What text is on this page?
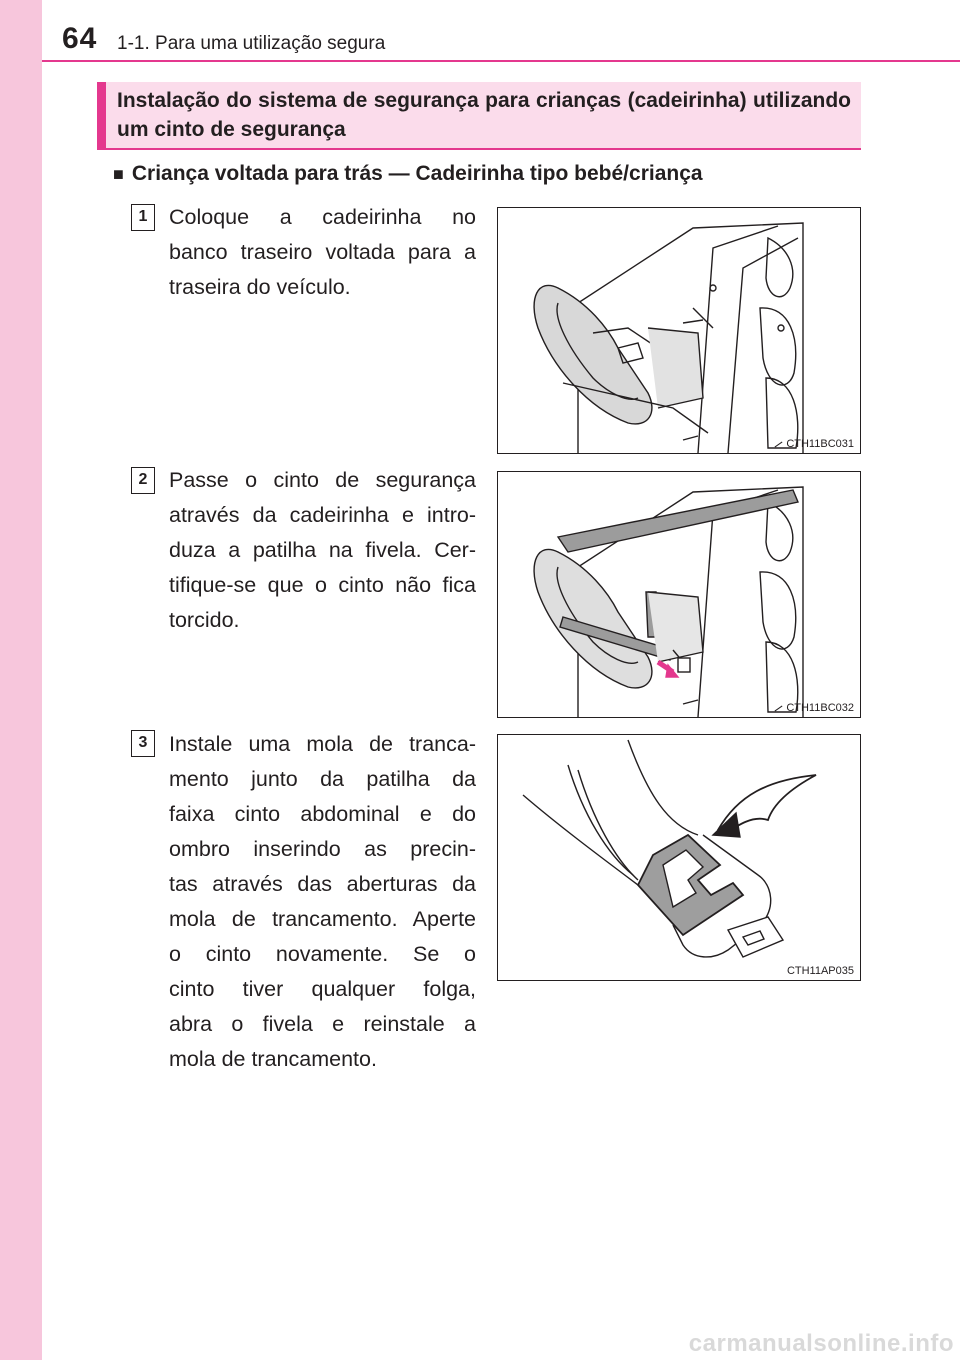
64 1-1. Para uma utilização segura
Instalação do sistema de segurança para crianças (cadeirinha) utilizando um cinto de segurança
■ Criança voltada para trás — Cadeirinha tipo bebé/criança
1	Coloque a cadeirinha no
banco traseiro voltada para a
traseira do veículo.
CTH11BC031
2	Passe o cinto de segurança
através da cadeirinha e intro-
duza a patilha na fivela. Cer-
tifique-se que o cinto não fica
torcido.
CTH11BC032
3	Instale uma mola de tranca-
mento junto da patilha da
faixa cinto abdominal e do
ombro inserindo as precin-
tas através das aberturas da
mola de trancamento. Aperte
o cinto novamente. Se o
cinto tiver qualquer folga,
abra o fivela e reinstale a
mola de trancamento.
CTH11AP035
carmanualsonline.info
